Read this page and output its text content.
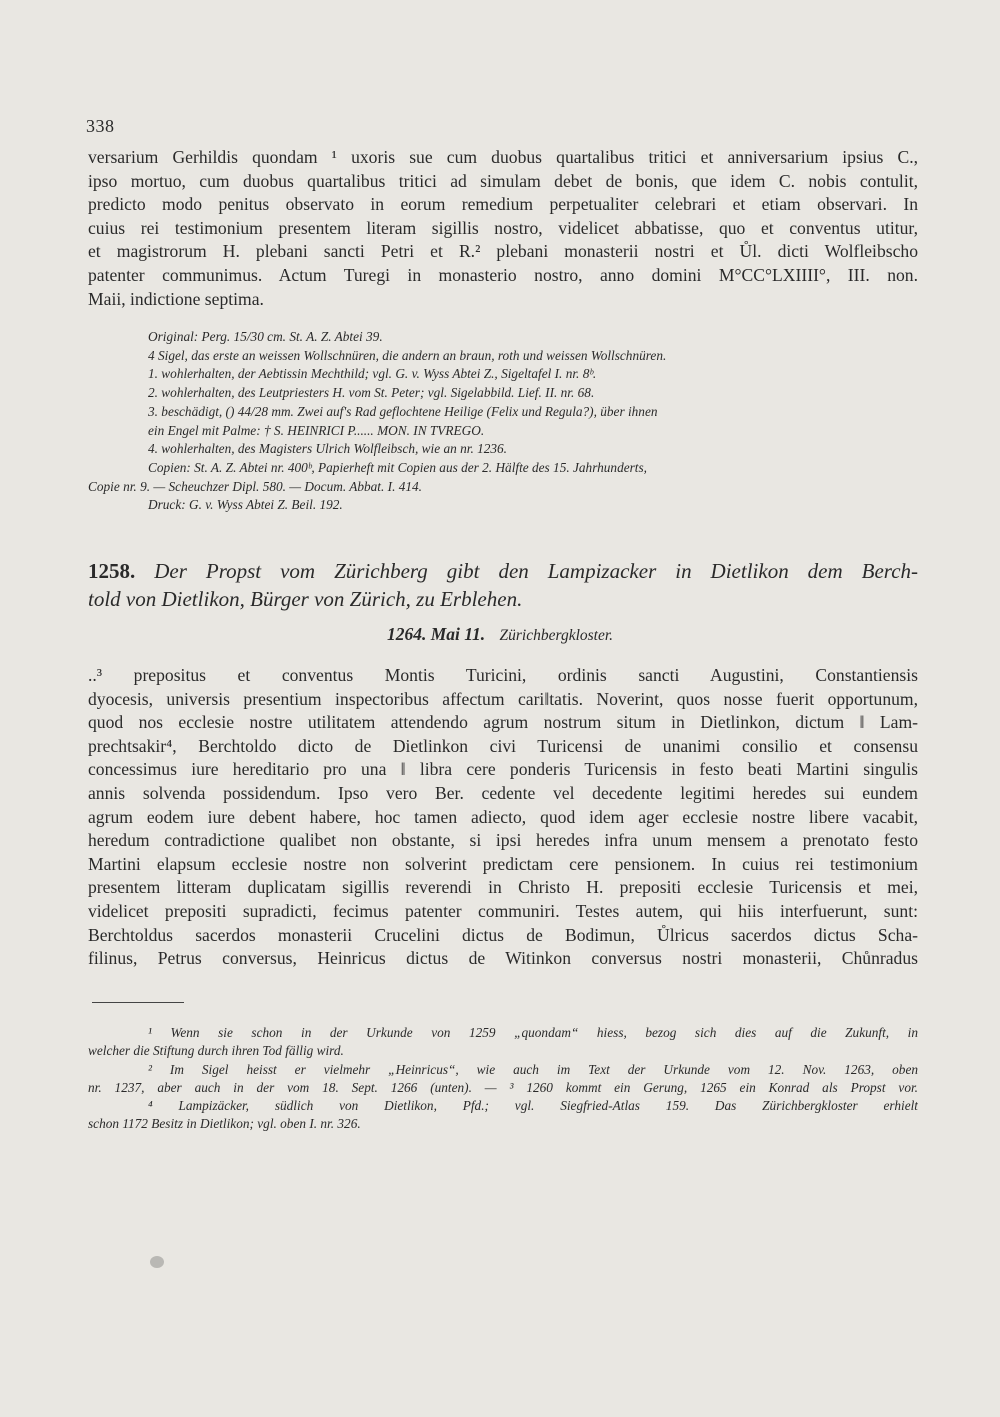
338
versarium Gerhildis quondam ¹ uxoris sue cum duobus quartalibus tritici et anniversarium ipsius C.,
ipso mortuo, cum duobus quartalibus tritici ad simulam debet de bonis, que idem C. nobis contulit,
predicto modo penitus observato in eorum remedium perpetualiter celebrari et etiam observari. In
cuius rei testimonium presentem literam sigillis nostro, videlicet abbatisse, quo et conventus utitur,
et magistrorum H. plebani sancti Petri et R.² plebani monasterii nostri et Ůl. dicti Wolfleibscho
patenter communimus. Actum Turegi in monasterio nostro, anno domini M°CC°LXIIII°, III. non.
Maii, indictione septima.
Original: Perg. 15/30 cm. St. A. Z. Abtei 39.
4 Sigel, das erste an weissen Wollschnüren, die andern an braun, roth und weissen Wollschnüren.
1. wohlerhalten, der Aebtissin Mechthild; vgl. G. v. Wyss Abtei Z., Sigeltafel I. nr. 8ᵇ.
2. wohlerhalten, des Leutpriesters H. vom St. Peter; vgl. Sigelabbild. Lief. II. nr. 68.
3. beschädigt, () 44/28 mm. Zwei auf's Rad geflochtene Heilige (Felix und Regula?), über ihnen
ein Engel mit Palme: † S. HEINRICI P...... MON. IN TVREGO.
4. wohlerhalten, des Magisters Ulrich Wolfleibsch, wie an nr. 1236.
Copien: St. A. Z. Abtei nr. 400ᵇ, Papierheft mit Copien aus der 2. Hälfte des 15. Jahrhunderts,
Copie nr. 9. — Scheuchzer Dipl. 580. — Docum. Abbat. I. 414.
Druck: G. v. Wyss Abtei Z. Beil. 192.
1258. Der Propst vom Zürichberg gibt den Lampizacker in Dietlikon dem Berch-
told von Dietlikon, Bürger von Zürich, zu Erblehen.
1264. Mai 11. Zürichbergkloster.
..³ prepositus et conventus Montis Turicini, ordinis sancti Augustini, Constantiensis
dyocesis, universis presentium inspectoribus affectum cari‖tatis. Noverint, quos nosse fuerit opportunum,
quod nos ecclesie nostre utilitatem attendendo agrum nostrum situm in Dietlinkon, dictum ‖ Lam-
prechtsakir⁴, Berchtoldo dicto de Dietlinkon civi Turicensi de unanimi consilio et consensu
concessimus iure hereditario pro una ‖ libra cere ponderis Turicensis in festo beati Martini singulis
annis solvenda possidendum. Ipso vero Ber. cedente vel decedente legitimi heredes sui eundem
agrum eodem iure debent habere, hoc tamen adiecto, quod idem ager ecclesie nostre libere vacabit,
heredum contradictione qualibet non obstante, si ipsi heredes infra unum mensem a prenotato festo
Martini elapsum ecclesie nostre non solverint predictam cere pensionem. In cuius rei testimonium
presentem litteram duplicatam sigillis reverendi in Christo H. prepositi ecclesie Turicensis et mei,
videlicet prepositi supradicti, fecimus patenter communiri. Testes autem, qui hiis interfuerunt, sunt:
Berchtoldus sacerdos monasterii Crucelini dictus de Bodimun, Ůlricus sacerdos dictus Scha-
filinus, Petrus conversus, Heinricus dictus de Witinkon conversus nostri monasterii, Chůnradus
¹ Wenn sie schon in der Urkunde von 1259 „quondam“ hiess, bezog sich dies auf die Zukunft, in
welcher die Stiftung durch ihren Tod fällig wird.
² Im Sigel heisst er vielmehr „Heinricus“, wie auch im Text der Urkunde vom 12. Nov. 1263, oben
nr. 1237, aber auch in der vom 18. Sept. 1266 (unten). — ³ 1260 kommt ein Gerung, 1265 ein Konrad als Propst vor.
⁴ Lampizäcker, südlich von Dietlikon, Pfd.; vgl. Siegfried-Atlas 159. Das Zürichbergkloster erhielt
schon 1172 Besitz in Dietlikon; vgl. oben I. nr. 326.
